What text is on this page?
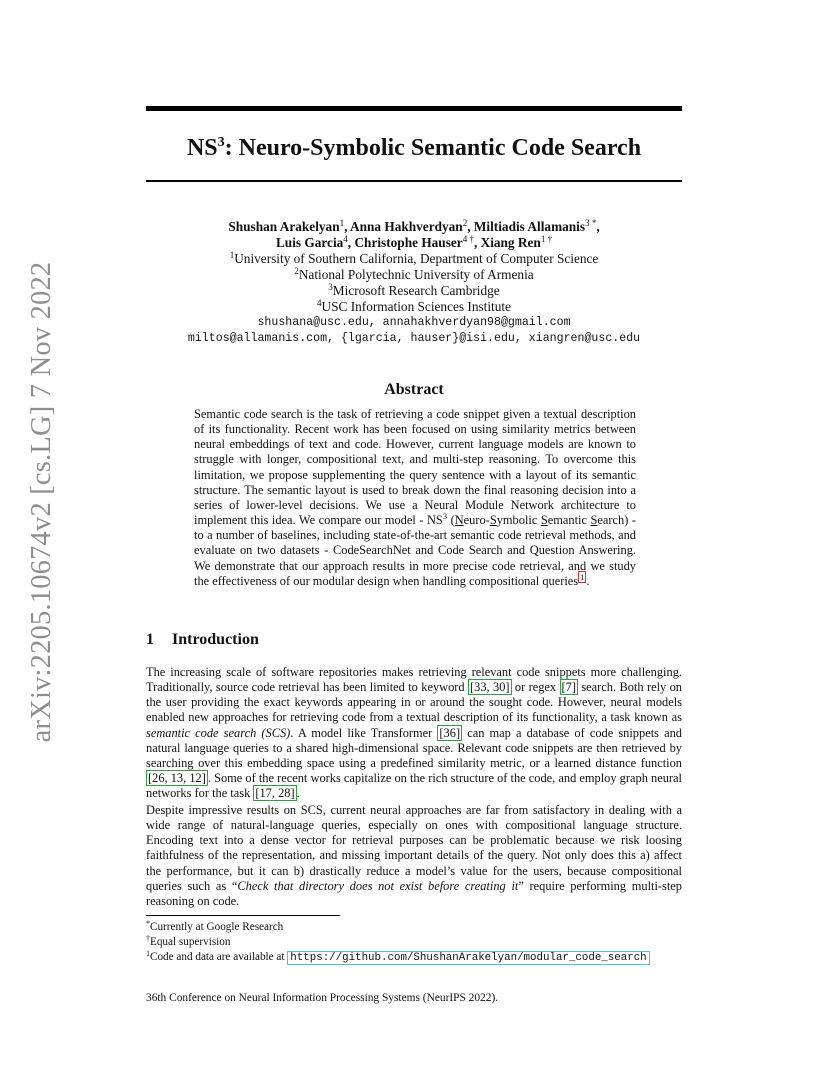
arXiv:2205.10674v2 [cs.LG] 7 Nov 2022
$NS^3$: Neuro-Symbolic Semantic Code Search
Shushan Arakelyan$^1$, Anna Hakhverdyan$^2$, Miltiadis Allamanis$^{3 *}$,
Luis Garcia$^4$, Christophe Hauser$^{4 \dagger}$, Xiang Ren$^{1 \dagger}$
$^1$University of Southern California, Department of Computer Science
$^2$National Polytechnic University of Armenia
$^3$Microsoft Research Cambridge
$^4$USC Information Sciences Institute
shushana@usc.edu, annahakhverdyan98@gmail.com
miltos@allamanis.com, {lgarcia, hauser}@isi.edu, xiangren@usc.edu
Abstract
Semantic code search is the task of retrieving a code snippet given a textual description of its functionality. Recent work has been focused on using similarity metrics between neural embeddings of text and code. However, current language models are known to struggle with longer, compositional text, and multi-step reasoning. To overcome this limitation, we propose supplementing the query sentence with a layout of its semantic structure. The semantic layout is used to break down the final reasoning decision into a series of lower-level decisions. We use a Neural Module Network architecture to implement this idea. We compare our model - $NS^3$ (Neuro-Symbolic Semantic Search) - to a number of baselines, including state-of-the-art semantic code retrieval methods, and evaluate on two datasets - CodeSearchNet and Code Search and Question Answering. We demonstrate that our approach results in more precise code retrieval, and we study the effectiveness of our modular design when handling compositional queries $^1$ .
1 Introduction
The increasing scale of software repositories makes retrieving relevant code snippets more challenging. Traditionally, source code retrieval has been limited to keyword [33, 30] or regex [7] search. Both rely on the user providing the exact keywords appearing in or around the sought code. However, neural models enabled new approaches for retrieving code from a textual description of its functionality, a task known as semantic code search (SCS). A model like Transformer [36] can map a database of code snippets and natural language queries to a shared high-dimensional space. Relevant code snippets are then retrieved by searching over this embedding space using a predefined similarity metric, or a learned distance function [26, 13, 12] . Some of the recent works capitalize on the rich structure of the code, and employ graph neural networks for the task [17, 28] .
Despite impressive results on SCS, current neural approaches are far from satisfactory in dealing with a wide range of natural-language queries, especially on ones with compositional language structure. Encoding text into a dense vector for retrieval purposes can be problematic because we risk loosing faithfulness of the representation, and missing important details of the query. Not only does this a) affect the performance, but it can b) drastically reduce a model’s value for the users, because compositional queries such as “Check that directory does not exist before creating it” require performing multi-step reasoning on code.
*Currently at Google Research
†Equal supervision
$^1$Code and data are available at https://github.com/ShushanArakelyan/modular_code_search
36th Conference on Neural Information Processing Systems (NeurIPS 2022).
